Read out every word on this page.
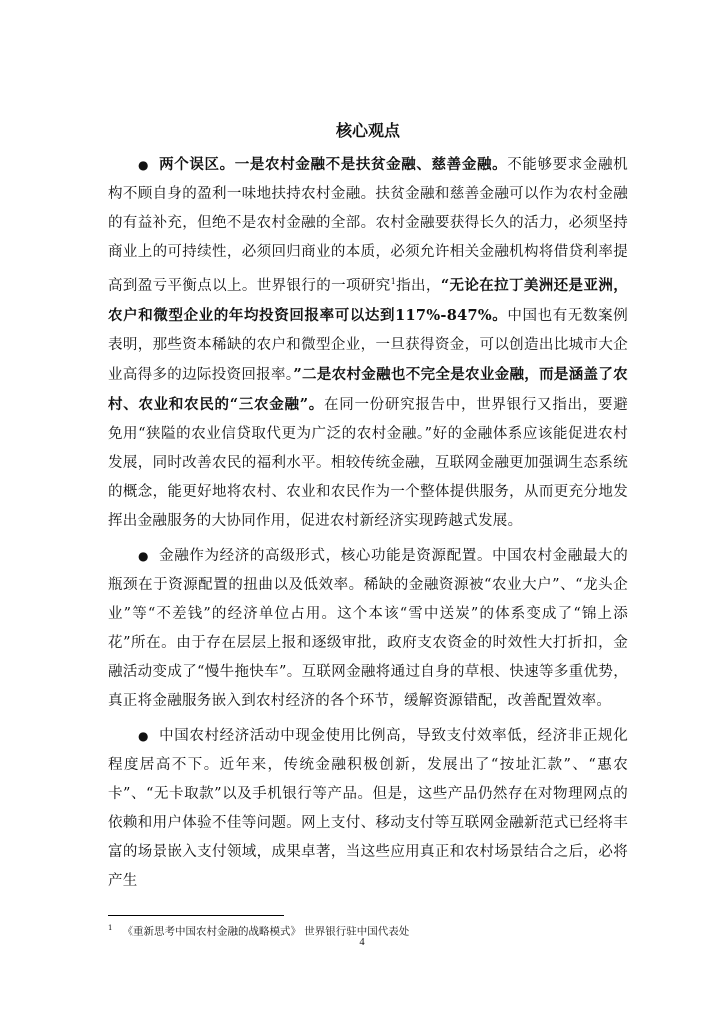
核心观点

● 两个误区。一是农村金融不是扶贫金融、慈善金融。不能够要求金融机构不顾自身的盈利一味地扶持农村金融。扶贫金融和慈善金融可以作为农村金融的有益补充，但绝不是农村金融的全部。农村金融要获得长久的活力，必须坚持商业上的可持续性，必须回归商业的本质，必须允许相关金融机构将借贷利率提高到盈亏平衡点以上。世界银行的一项研究$^1$指出，“无论在拉丁美洲还是亚洲，农户和微型企业的年均投资回报率可以达到117%-847%。中国也有无数案例表明，那些资本稀缺的农户和微型企业，一旦获得资金，可以创造出比城市大企业高得多的边际投资回报率。”二是农村金融也不完全是农业金融，而是涵盖了农村、农业和农民的“三农金融”。在同一份研究报告中，世界银行又指出，要避免用“狭隘的农业信贷取代更为广泛的农村金融。”好的金融体系应该能促进农村发展，同时改善农民的福利水平。相较传统金融，互联网金融更加强调生态系统的概念，能更好地将农村、农业和农民作为一个整体提供服务，从而更充分地发挥出金融服务的大协同作用，促进农村新经济实现跨越式发展。

● 金融作为经济的高级形式，核心功能是资源配置。中国农村金融最大的瓶颈在于资源配置的扭曲以及低效率。稀缺的金融资源被“农业大户”、“龙头企业”等“不差钱”的经济单位占用。这个本该“雪中送炭”的体系变成了“锦上添花”所在。由于存在层层上报和逐级审批，政府支农资金的时效性大打折扣，金融活动变成了“慢牛拖快车”。互联网金融将通过自身的草根、快速等多重优势，真正将金融服务嵌入到农村经济的各个环节，缓解资源错配，改善配置效率。

● 中国农村经济活动中现金使用比例高，导致支付效率低，经济非正规化程度居高不下。近年来，传统金融积极创新，发展出了“按址汇款”、“惠农卡”、“无卡取款”以及手机银行等产品。但是，这些产品仍然存在对物理网点的依赖和用户体验不佳等问题。网上支付、移动支付等互联网金融新范式已经将丰富的场景嵌入支付领域，成果卓著，当这些应用真正和农村场景结合之后，必将产生

$^1$ 《重新思考中国农村金融的战略模式》 世界银行驻中国代表处
4
